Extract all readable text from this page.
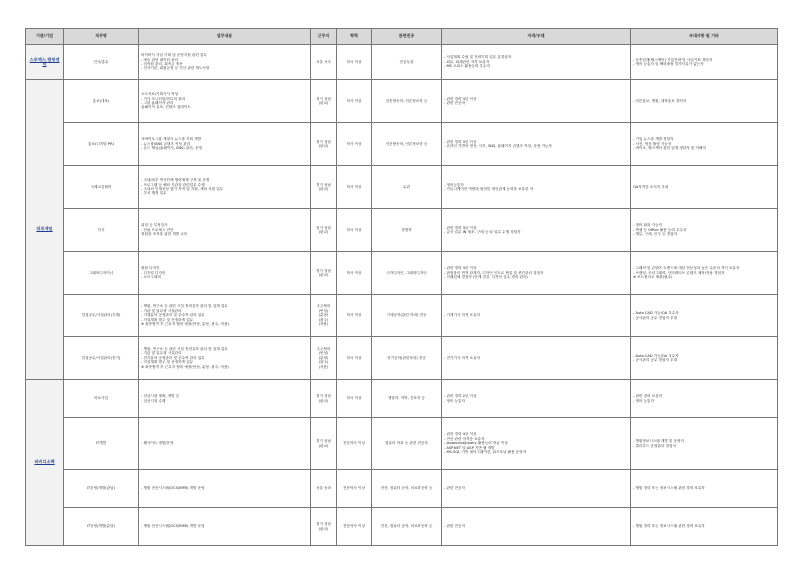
기관/기업	직무명	업무내용	근무지	학력	관련전공	자격/우대	우대사항 및 기타
스포엑스 캠핑센터	인사/총무	파이버식 사업 기획 및 운영지원 관련 업무
- 예승 관련 데이터 관리
- 임직원 관리, 회직금 정산
- 인사기준, 회원규정 등 인사 관련 제도사항	서울 서초	학사 이상	전공무관	- 사업계획 수립 및 전략기획 업무 유경험자
- 회무, 회계관련 자격 보유자
- MS 오피스 활용능력 우수자	- 동종업계(헬스케어) 기업전략 및 사업기획 경력자
- 영어 능통자 및 해외출장 결격사유가 없는자

뒤포게임	홍보(대표)	오도자료/기획기사 작성
- 기사 모니터링/미디어 관리
- 그룹 홈페이지 관리
홍페이지 유보, 컨텐츠 업데이트	경기 성남
(판교)	학사 이상	신문방송학, 언론정보학 등	- 관련 경력 4년 이상
- 관련 전공자	- 언론홍보, 병원, 대학홍보 경력자

	홍보(디지털 PR)	자바이오그룹 계열사 뉴스룸 기획 개발
- 뉴스룸/SNS 콘텐츠 작성 관리
- 온드 채널(홈페이지, SNS) 관리, 운영	경기 성남
(판교)	학사 이상	신문방송학, 언론정보학 등	- 관련 경력 3년 이상
- 온라인 기반의 영상, 사부, SNS, 홈페이지 콘텐츠 작성, 운영 가능자	- 기업 뉴스룸 개발 경험자
- 사진, 영상 촬영 가능자
- 바이오, 헬스케어 관련 업계 경력자 및 이해자

	국제교류협력	- 국내/외부 연사단체 협력체계 구축 및 운영
- 프로그램 등 해외 기관과 관련업무 수행
- 국내외 인재육성 참가 목적 및 지원, 개최 지원 업무
- 부서 행정 업무	경기 성남
(판교)	학사 이상	무관	- 영어능통자
- 커뮤니케이션 역량과 원만한 대인관계 능력을 보유한 자	OA작격증 소지자 우대

	인사	위험 등 부정검사
- 단위 프로세스 진단
정원관 조직을 위한 개발 교육	경기 성남
(판교)	학사 이상	경영학	- 관련 경력 3년 이상
- 급사 업무 IN 제조, 구매 등 타 업무 수행 경험자	- 영어 회화 가능자
- 엑셀 등 Office 활용 능력 우수자
- 제무, 구매, 인사 등 경험자

	그래픽디자이너	출판 디자인
- 디지털 디자인
- 오브그래픽	경기 성남
(판교)	학사 이상	시각디자인, 그래픽디자인	- 관련 경력 3년 이상
- 편집물의 면적 관계자, 디자인 인트로 협업 및 중간관리 경험자
- 인쇄업체 경험자 (단계 검증, 디자인 감수 경력 관리)	- 그래픽 및 콘텐츠 트렌드에 대한 전문성과 높은 수준의 자식 보유자
- 브랜딩, 모션그래픽, 인터렉티브 콘텐츠 제작/적용 경험자
※ 포트폴리오 제출(필수)

	건설공무/시설관리(기계)	- 병원, 연구소 등 관련 시설 전력유자 관리 및 설계 업무
- 기관 및 업무형 시설관리
- 기계분야 공정관리 및 준수여 관리 업무
- 지설계획 발주 및 선정하게 업무
※ 최종합격 후 근무지 협의 예정(안성, 분당, 광주, 자용)	주주협의
(안성)
(분당)
(광주)
(자용)	학사 이상	기계공학(관련 학과) 전공	- 기계기사 자격 소유자	- Auto CAD 가능/OA 우수자
- 공사관리 공무 경험자 우대

	건설공무/시설관리(전기)	- 병원, 연구소 등 관련 시설 전력유자 관리 및 설계 업무
- 기관 및 업무형 시설관리
- 전기분야 공정관리 및 준수여 관리 업무
- 지설계획 발주 및 선정하게 업무
※ 최종합격 후 근무지 협의 예정(안성, 분당, 광주, 자용)	주주협의
(안성)
(분당)
(광주)
(자용)	학사 이상	전기공학(관련학과) 전공	- 전기기사 자격 소유자	- Auto CAD 가능/OA 우수자
- 공사관리 공무 경험자 우대

피비디소펙	의료사업	- 임상시험 계획, 개발 등
- 임상시험 수행	경기 성남
(판교)	학사 이상	생물학, 약학, 간호학 등	- 관련 경력 2년 이상
- 영어 능통자	- 관련 경력 보유자
- 영어 능통자

	IT개발	- 웹사이트 개발/운영	경기 성남
(판교)	전문학사 이상	컴퓨터 학과 등 관련 전공자	- 관련 경력 4년 이상
- 전산 관련 자격증 보유자
- Javascript/Jquery 활용능력 중급 이상
- ASP.NET 및 ASP 기반 웹 개발
- MS-SQL 기반 데이그래이션, 워프호남 활용 운영자	- 병원정보시스템 개발 및 운영자
- 클라우드 운영관리 경험자

	IT운영/개발(관납)	- 병원 전산시스템(OCS/EMR) 개발 운영	서울 송파	전문학사 이상	전산, 컴퓨터 공학, 의료IT공학 등	- 관련 전공자	- 병원 경력 또는 정보시스템 관련 경력 보유자

	IT운영/개발(분당)	- 병원 전산시스템(OCS/EMR) 개발 운영	경기 성남
(판교)	전문학사 이상	전산, 컴퓨터 공학, 의료IT공학 등	- 관련 전공자	- 병원 경력 또는 정보시스템 관련 경력 보유자
